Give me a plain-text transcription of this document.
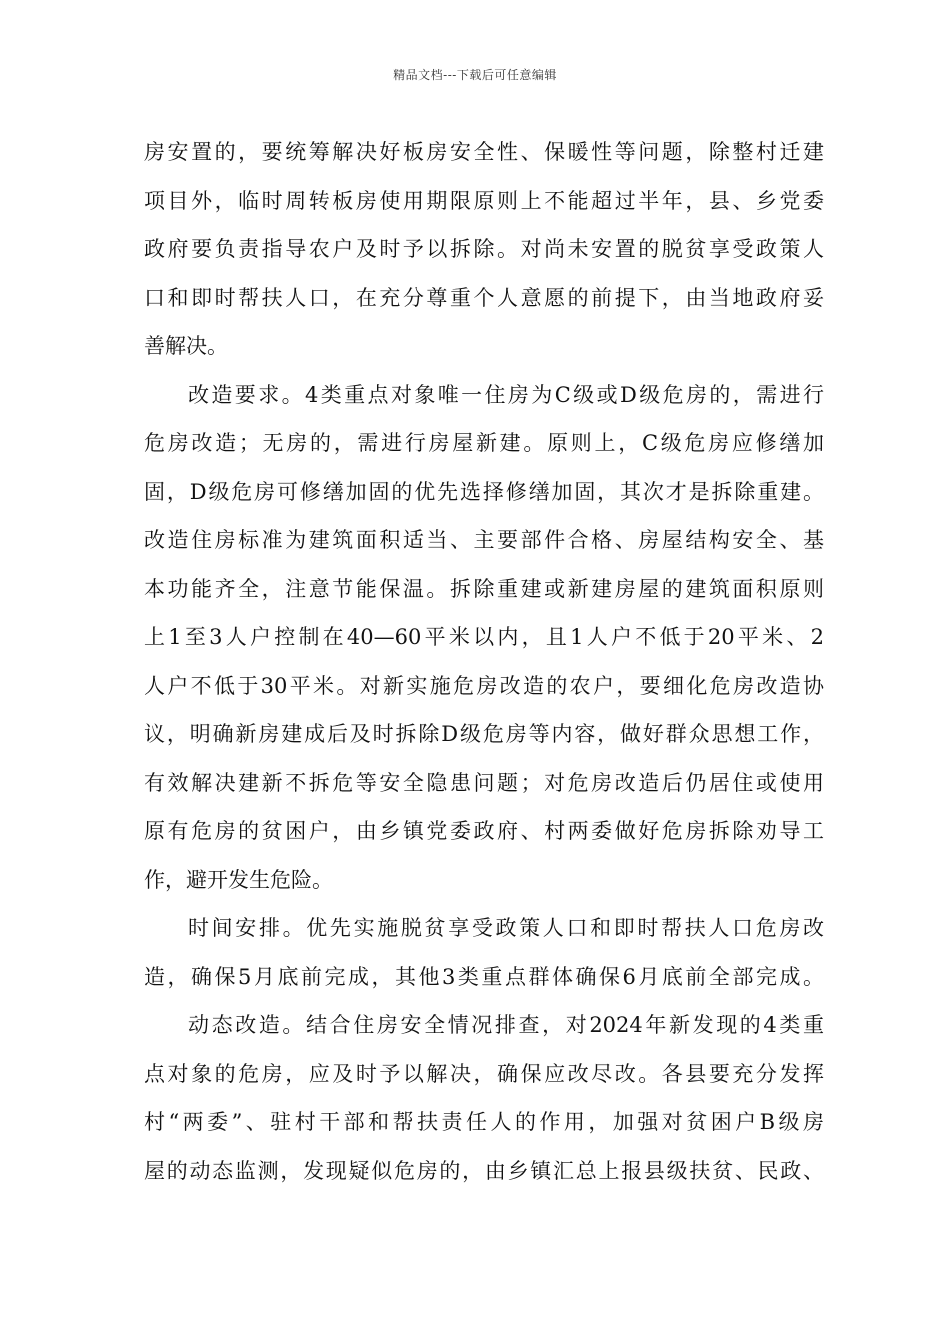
精品文档---下载后可任意编辑
房安置的，要统筹解决好板房安全性、保暖性等问题，除整村迁建
项目外，临时周转板房使用期限原则上不能超过半年，县、乡党委
政府要负责指导农户及时予以拆除。对尚未安置的脱贫享受政策人
口和即时帮扶人口，在充分尊重个人意愿的前提下，由当地政府妥
善解决。
改造要求。4类重点对象唯一住房为C级或D级危房的，需进行
危房改造；无房的，需进行房屋新建。原则上，C级危房应修缮加
固，D级危房可修缮加固的优先选择修缮加固，其次才是拆除重建。
改造住房标准为建筑面积适当、主要部件合格、房屋结构安全、基
本功能齐全，注意节能保温。拆除重建或新建房屋的建筑面积原则
上1至3人户控制在40—60平米以内，且1人户不低于20平米、2
人户不低于30平米。对新实施危房改造的农户，要细化危房改造协
议，明确新房建成后及时拆除D级危房等内容，做好群众思想工作，
有效解决建新不拆危等安全隐患问题；对危房改造后仍居住或使用
原有危房的贫困户，由乡镇党委政府、村两委做好危房拆除劝导工
作，避开发生危险。
时间安排。优先实施脱贫享受政策人口和即时帮扶人口危房改
造，确保5月底前完成，其他3类重点群体确保6月底前全部完成。
动态改造。结合住房安全情况排查，对2024年新发现的4类重
点对象的危房，应及时予以解决，确保应改尽改。各县要充分发挥
村“两委”、驻村干部和帮扶责任人的作用，加强对贫困户B级房
屋的动态监测，发现疑似危房的，由乡镇汇总上报县级扶贫、民政、
